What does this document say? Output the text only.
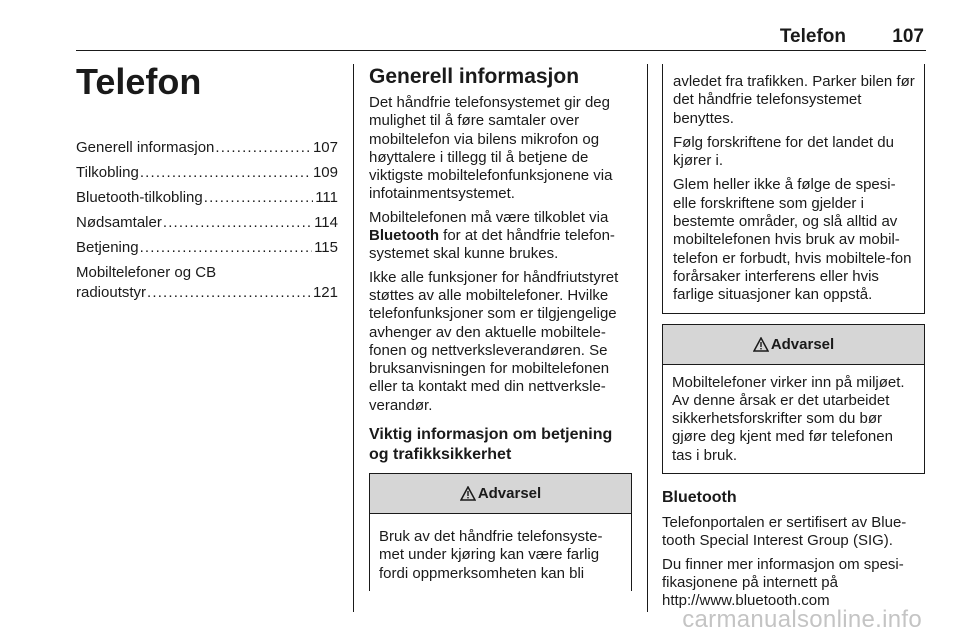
Telefon 107
Telefon
Generell informasjon . . .	107
Tilkobling . . .	109
Bluetooth-tilkobling . . .	111
Nødsamtaler . . .	114
Betjening . . .	115
Mobiltelefoner og CB
radioutstyr . . .	121
Generell informasjon

Det håndfrie telefonsystemet gir deg mulighet til å føre samtaler over mobiltelefon via bilens mikrofon og høyttalere i tillegg til å betjene de viktigste mobiltelefonfunksjonene via infotainmentsystemet.

Mobiltelefonen må være tilkoblet via Bluetooth for at det håndfrie telefon-systemet skal kunne brukes.

Ikke alle funksjoner for håndfriutstyret støttes av alle mobiltelefoner. Hvilke telefonfunksjoner som er tilgjengelige avhenger av den aktuelle mobiltele-fonen og nettverksleverandøren. Se bruksanvisningen for mobiltelefonen eller ta kontakt med din nettverksle-verandør.

Viktig informasjon om betjening og trafikksikkerhet
Advarsel
Bruk av det håndfrie telefonsyste-met under kjøring kan være farlig fordi oppmerksomheten kan bli

avledet fra trafikken. Parker bilen før det håndfrie telefonsystemet benyttes.

Følg forskriftene for det landet du kjører i.

Glem heller ikke å følge de spesi-elle forskriftene som gjelder i bestemte områder, og slå alltid av mobiltelefonen hvis bruk av mobil-telefon er forbudt, hvis mobiltele-fon forårsaker interferens eller hvis farlige situasjoner kan oppstå.

Advarsel
Mobiltelefoner virker inn på miljøet. Av denne årsak er det utarbeidet sikkerhetsforskrifter som du bør gjøre deg kjent med før telefonen tas i bruk.
Bluetooth

Telefonportalen er sertifisert av Blue-tooth Special Interest Group (SIG).

Du finner mer informasjon om spesi-fikasjonene på internett på

http://www.bluetooth.com

carmanualsonline.info
